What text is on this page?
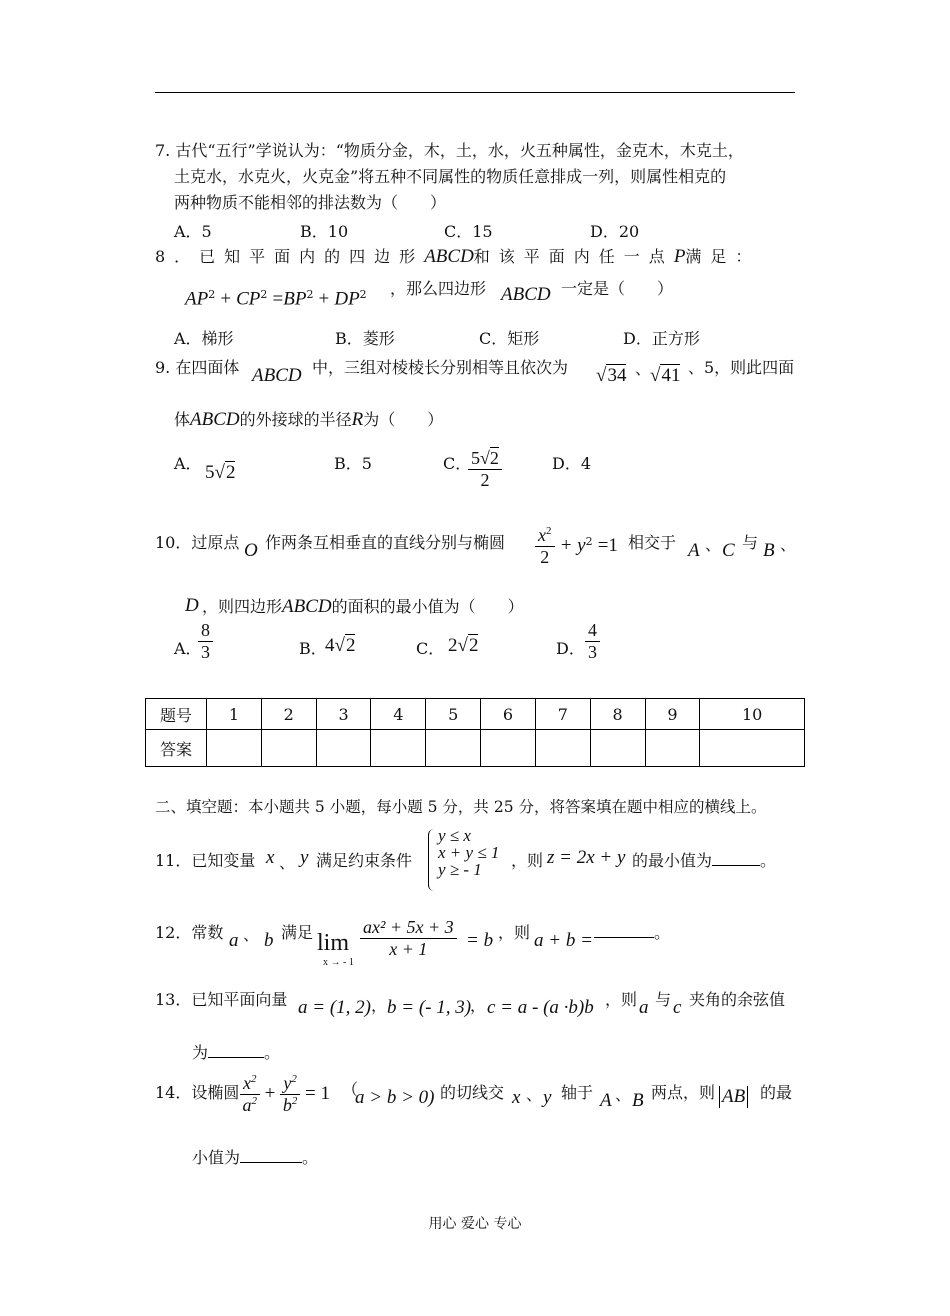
7. 古代“五行”学说认为：“物质分金，木，土，水，火五种属性，金克木，木克土，
土克水，水克火，火克金”将五种不同属性的物质任意排成一列，则属性相克的
两种物质不能相邻的排法数为（　　）
A．5	B．10	C．15	D．20
8．已知平面内的四边形ABCD和该平面内任一点P满足：
$AP^2 + CP^2 =BP^2 + DP^2$ ，那么四边形 ABCD 一定是（　　）
A．梯形	B．菱形	C．矩形	D．正方形
9. 在四面体 ABCD 中，三组对棱棱长分别相等且依次为 √34 、
√41 、5，则此四面
体ABCD的外接球的半径R为（　　）
A． 5√2	B．5	C．
$\frac{5√2}{2}$	D．4
10．过原点 O 作两条互相垂直的直线分别与椭圆 $\frac{x^2}{2} + y^2 =1$ 相交于 A 、 C 与 B 、
D ，则四边形ABCD的面积的最小值为（　　）
A．
$\frac{8}{3}$	B．
4√2	C． 2√2	D． $\frac{4}{3}$
题号	1	2	3	4	5	6	7	8	9	10
答案										
二、填空题：本小题共 5 小题，每小题 5 分，共 25 分，将答案填在题中相应的横线上。
11．已知变量 x 、 y 满足约束条件
y ≤ x
x + y ≤ 1
y ≥ - 1 ，则 z = 2x + y 的最小值为	。
12．常数 a 、 b 满足 lim
x → - 1
$\frac{\text{ax² + 5x + 3}}{x + 1} = b$ ，则 a + b =	。
13．已知平面向量 a = (1, 2) ， b = (- 1, 3)
， c = a - (a ·b)b ，则 a 与 c 夹角的余弦值
为	。
14．设椭圆 $\frac{x^2}{a^2} + \frac{y^2}{b^2} = 1$ （
a > b > 0) 的切线交 x 、 y 轴于 A 、 B 两点，则 AB 的最
小值为	。
用心 爱心 专心
